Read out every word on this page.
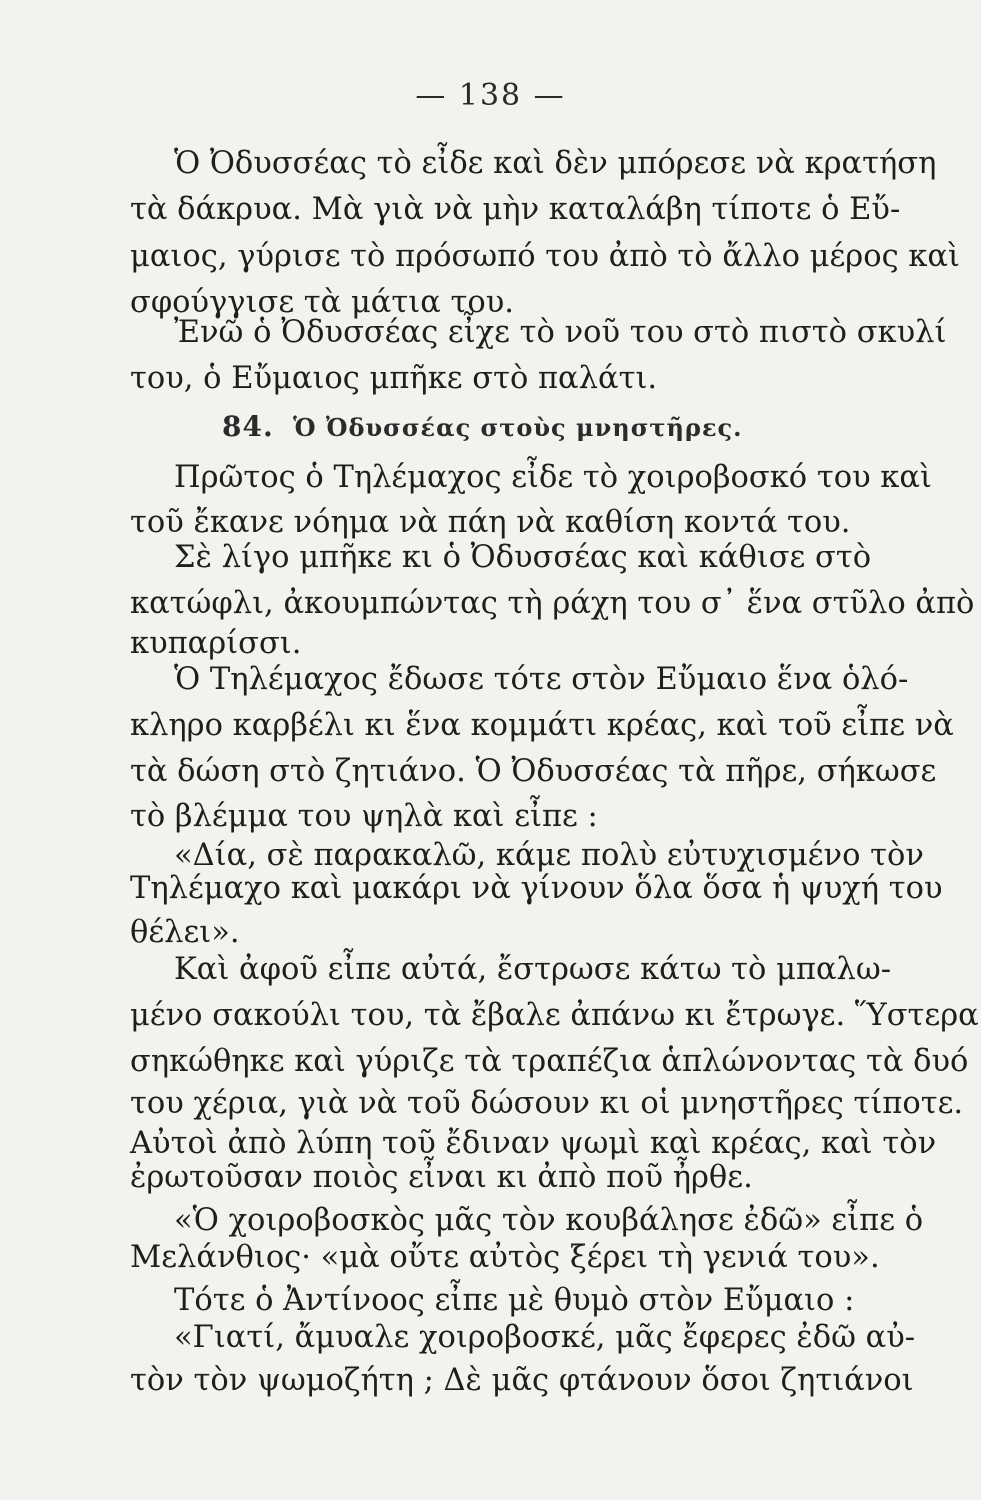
— 138 —
Ὁ Ὀδυσσέας τὸ εἶδε καὶ δὲν μπόρεσε νὰ κρατήση
τὰ δάκρυα. Μὰ γιὰ νὰ μὴν καταλάβη τίποτε ὁ Εὔ-
μαιος, γύρισε τὸ πρόσωπό του ἀπὸ τὸ ἄλλο μέρος καὶ
σφούγγισε τὰ μάτια του.
Ἐνῶ ὁ Ὀδυσσέας εἶχε τὸ νοῦ του στὸ πιστὸ σκυλί
του, ὁ Εὔμαιος μπῆκε στὸ παλάτι.
84. Ὁ Ὀδυσσέας στοὺς μνηστῆρες.
Πρῶτος ὁ Τηλέμαχος εἶδε τὸ χοιροβοσκό του καὶ
τοῦ ἔκανε νόημα νὰ πάη νὰ καθίση κοντά του.
Σὲ λίγο μπῆκε κι ὁ Ὀδυσσέας καὶ κάθισε στὸ
κατώφλι, ἀκουμπώντας τὴ ράχη του σ᾽ ἕνα στῦλο ἀπὸ
κυπαρίσσι.
Ὁ Τηλέμαχος ἔδωσε τότε στὸν Εὔμαιο ἕνα ὁλό-
κληρο καρβέλι κι ἕνα κομμάτι κρέας, καὶ τοῦ εἶπε νὰ
τὰ δώση στὸ ζητιάνο. Ὁ Ὀδυσσέας τὰ πῆρε, σήκωσε
τὸ βλέμμα του ψηλὰ καὶ εἶπε :
«Δία, σὲ παρακαλῶ, κάμε πολὺ εὐτυχισμένο τὸν
Τηλέμαχο καὶ μακάρι νὰ γίνουν ὅλα ὅσα ἡ ψυχή του
θέλει».
Καὶ ἀφοῦ εἶπε αὐτά, ἔστρωσε κάτω τὸ μπαλω-
μένο σακούλι του, τὰ ἔβαλε ἀπάνω κι ἔτρωγε. Ὕστερα
σηκώθηκε καὶ γύριζε τὰ τραπέζια ἁπλώνοντας τὰ δυό
του χέρια, γιὰ νὰ τοῦ δώσουν κι οἱ μνηστῆρες τίποτε.
Αὐτοὶ ἀπὸ λύπη τοῦ ἔδιναν ψωμὶ καὶ κρέας, καὶ τὸν
ἐρωτοῦσαν ποιὸς εἶναι κι ἀπὸ ποῦ ἦρθε.
«Ὁ χοιροβοσκὸς μᾶς τὸν κουβάλησε ἐδῶ» εἶπε ὁ
Μελάνθιος· «μὰ οὔτε αὐτὸς ξέρει τὴ γενιά του».
Τότε ὁ Ἀντίνοος εἶπε μὲ θυμὸ στὸν Εὔμαιο :
«Γιατί, ἄμυαλε χοιροβοσκέ, μᾶς ἔφερες ἐδῶ αὐ-
τὸν τὸν ψωμοζήτη ; Δὲ μᾶς φτάνουν ὅσοι ζητιάνοι
